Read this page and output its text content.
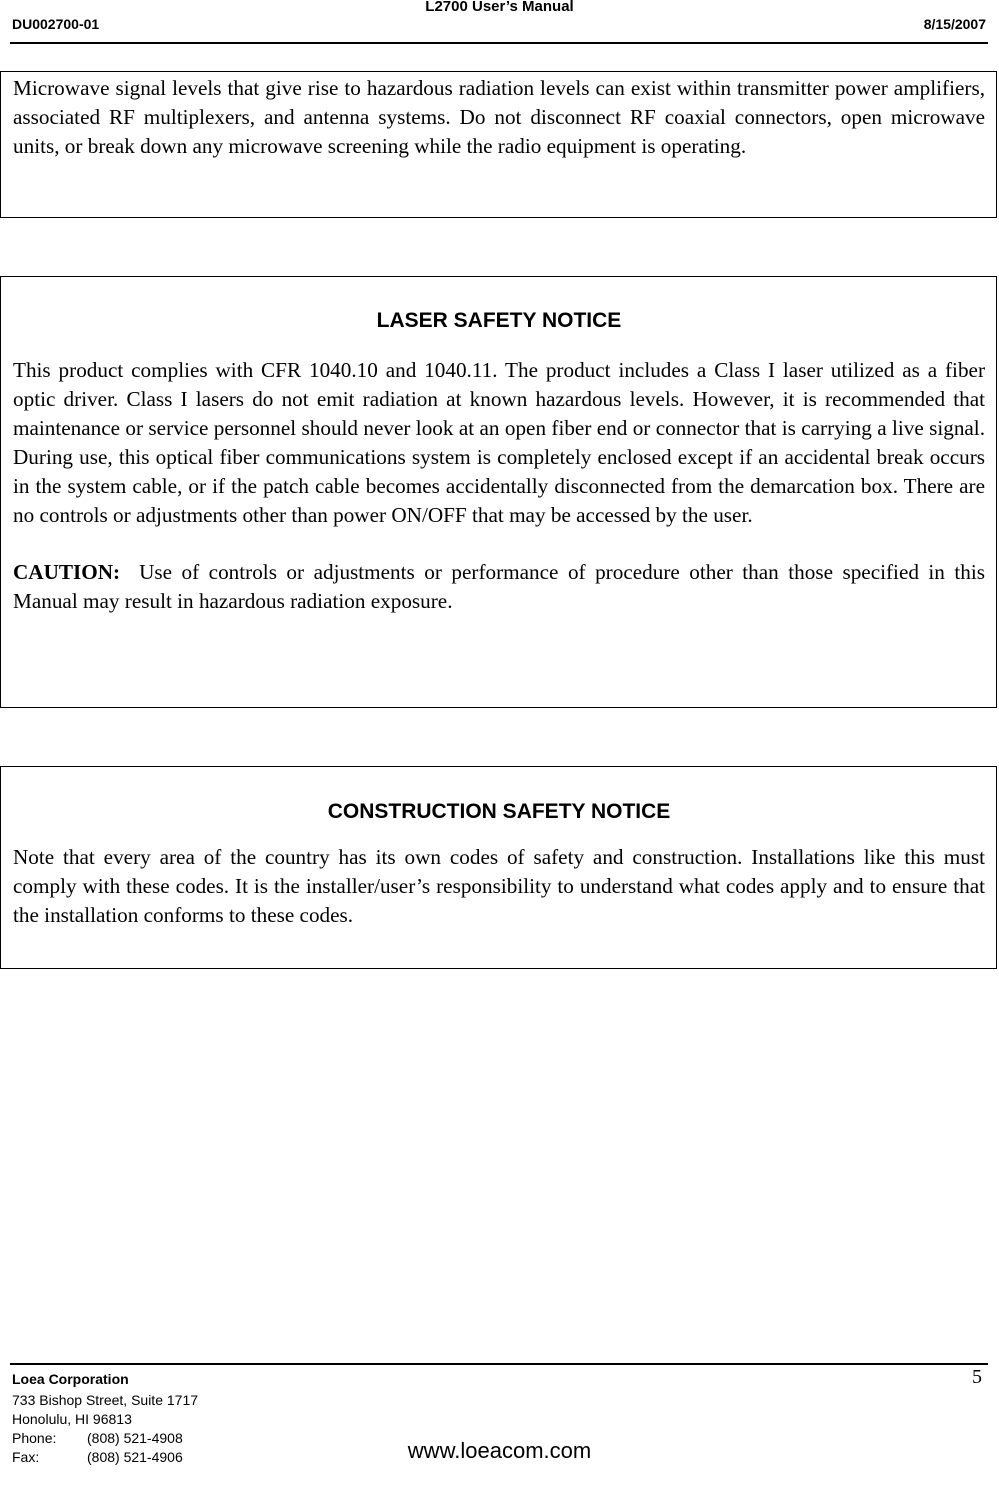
L2700 User’s Manual
DU002700-01	8/15/2007

Microwave signal levels that give rise to hazardous radiation levels can exist within transmitter power amplifiers, associated RF multiplexers, and antenna systems. Do not disconnect RF coaxial connectors, open microwave units, or break down any microwave screening while the radio equipment is operating.

LASER SAFETY NOTICE

This product complies with CFR 1040.10 and 1040.11. The product includes a Class I laser utilized as a fiber optic driver. Class I lasers do not emit radiation at known hazardous levels. However, it is recommended that maintenance or service personnel should never look at an open fiber end or connector that is carrying a live signal. During use, this optical fiber communications system is completely enclosed except if an accidental break occurs in the system cable, or if the patch cable becomes accidentally disconnected from the demarcation box. There are no controls or adjustments other than power ON/OFF that may be accessed by the user.

CAUTION: Use of controls or adjustments or performance of procedure other than those specified in this Manual may result in hazardous radiation exposure.

CONSTRUCTION SAFETY NOTICE

Note that every area of the country has its own codes of safety and construction. Installations like this must comply with these codes. It is the installer/user’s responsibility to understand what codes apply and to ensure that the installation conforms to these codes.

Loea Corporation
733 Bishop Street, Suite 1717
Honolulu, HI 96813
Phone:	(808) 521-4908
Fax:	(808) 521-4906
5
www.loeacom.com
